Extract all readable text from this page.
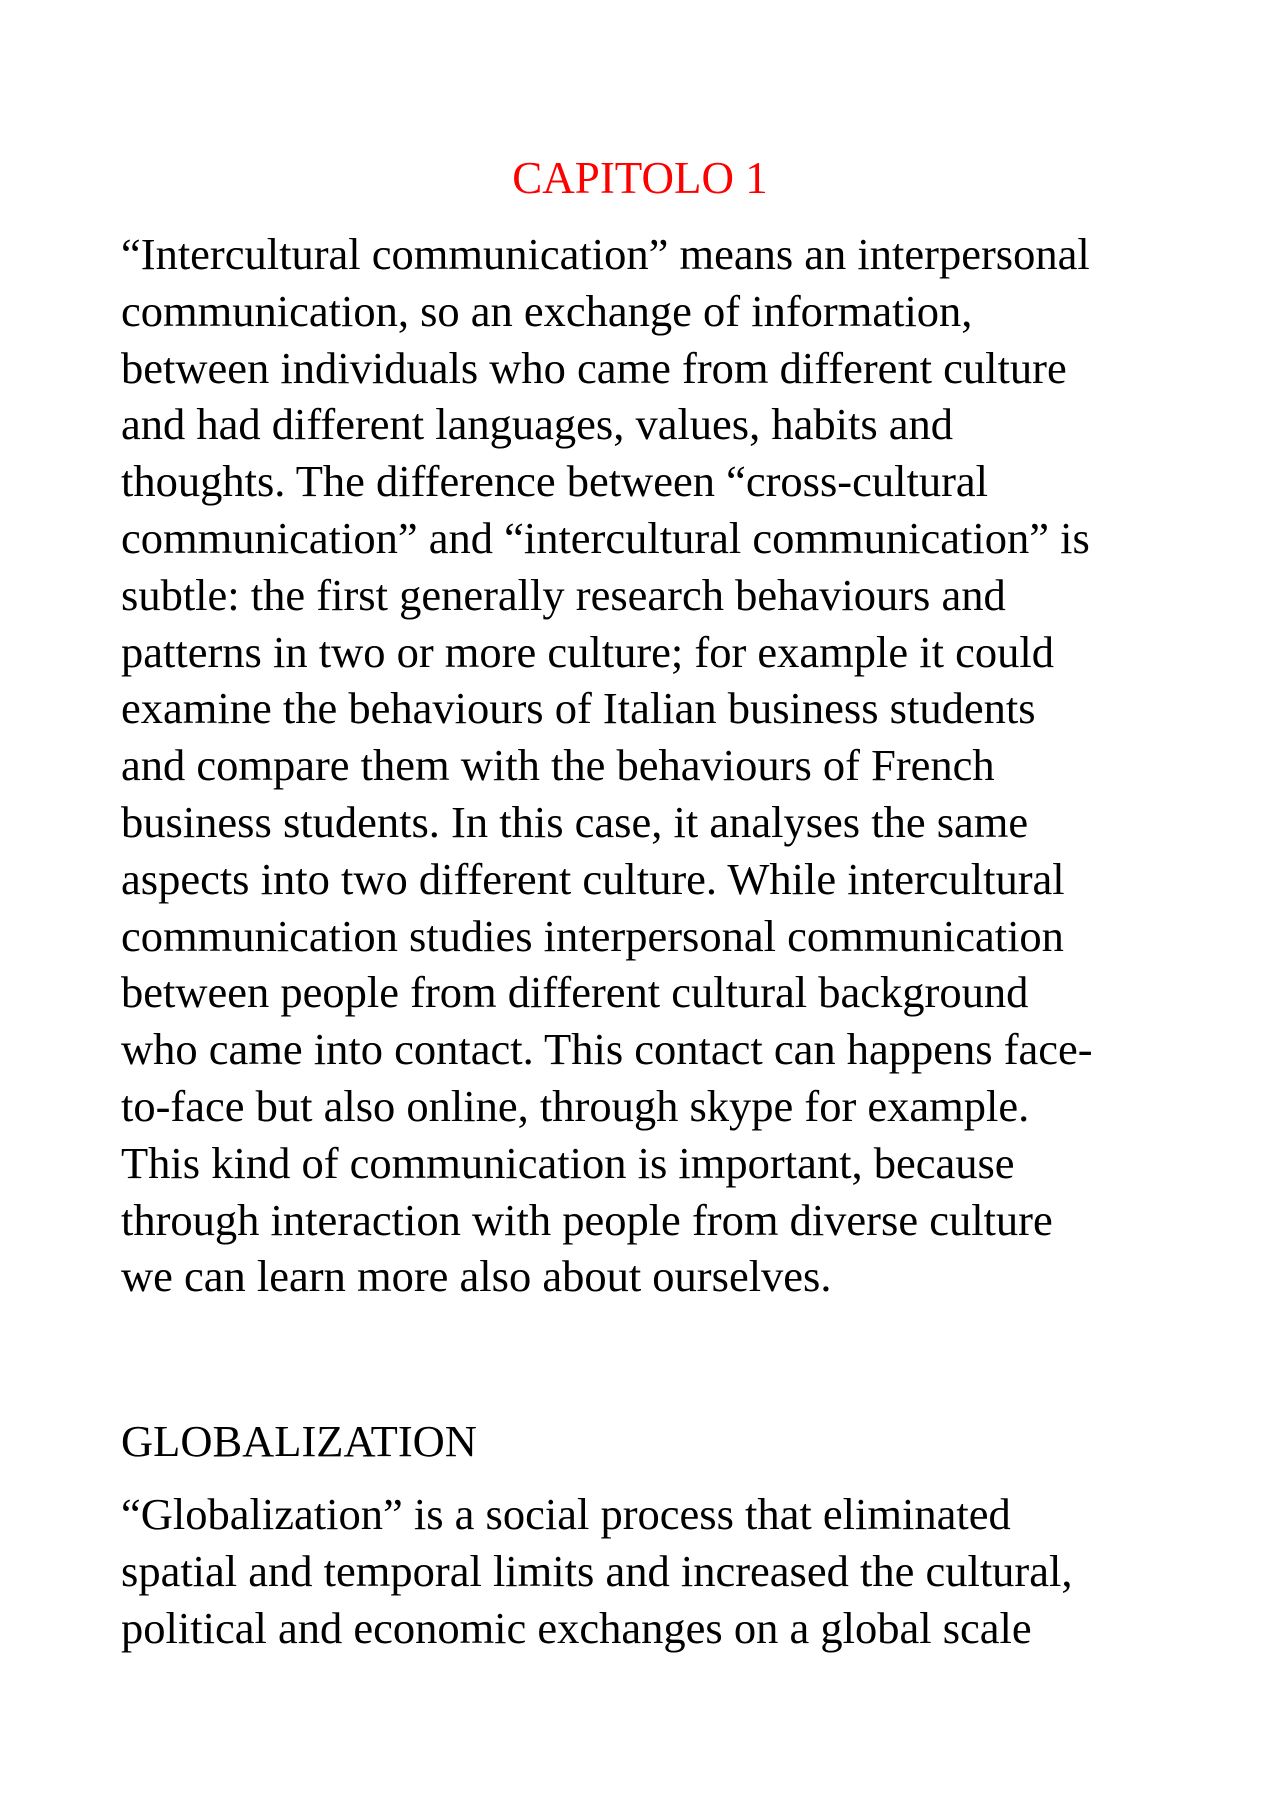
CAPITOLO 1
“Intercultural communication” means an interpersonal
communication, so an exchange of information,
between individuals who came from different culture
and had different languages, values, habits and
thoughts. The difference between “cross-cultural
communication” and “intercultural communication” is
subtle: the first generally research behaviours and
patterns in two or more culture; for example it could
examine the behaviours of Italian business students
and compare them with the behaviours of French
business students. In this case, it analyses the same
aspects into two different culture. While intercultural
communication studies interpersonal communication
between people from different cultural background
who came into contact. This contact can happens face-
to-face but also online, through skype for example.
This kind of communication is important, because
through interaction with people from diverse culture
we can learn more also about ourselves.
GLOBALIZATION
“Globalization” is a social process that eliminated
spatial and temporal limits and increased the cultural,
political and economic exchanges on a global scale
